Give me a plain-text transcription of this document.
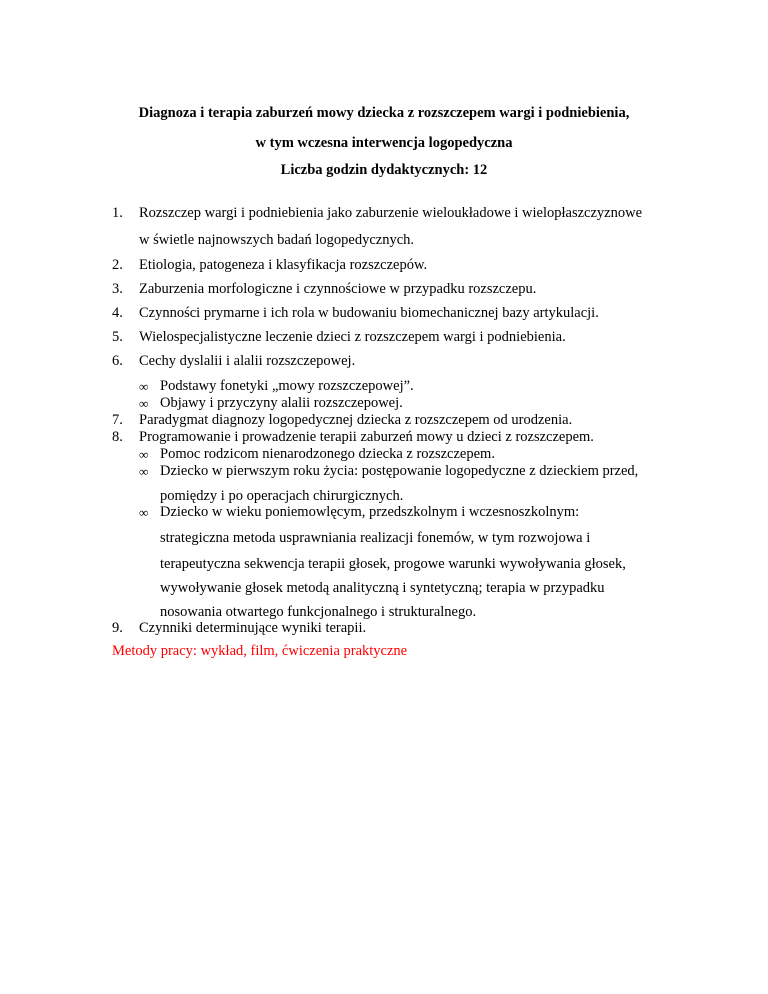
Diagnoza i terapia zaburzeń mowy dziecka z rozszczepem wargi i podniebienia,
w tym wczesna interwencja logopedyczna
Liczba godzin dydaktycznych: 12
1. Rozszczep wargi i podniebienia jako zaburzenie wieloukładowe i wielopłaszczyznowe
w świetle najnowszych badań logopedycznych.
2. Etiologia, patogeneza i klasyfikacja rozszczepów.
3. Zaburzenia morfologiczne i czynnościowe w przypadku rozszczepu.
4. Czynności prymarne i ich rola w budowaniu biomechanicznej bazy artykulacji.
5. Wielospecjalistyczne leczenie dzieci z rozszczepem wargi i podniebienia.
6. Cechy dyslalii i alalii rozszczepowej.
∞ Podstawy fonetyki „mowy rozszczepowej”.
∞ Objawy i przyczyny alalii rozszczepowej.
7. Paradygmat diagnozy logopedycznej dziecka z rozszczepem od urodzenia.
8. Programowanie i prowadzenie terapii zaburzeń mowy u dzieci z rozszczepem.
∞ Pomoc rodzicom nienarodzonego dziecka z rozszczepem.
∞ Dziecko w pierwszym roku życia: postępowanie logopedyczne z dzieckiem przed,
pomiędzy i po operacjach chirurgicznych.
∞ Dziecko w wieku poniemowlęcym, przedszkolnym i wczesnoszkolnym:
strategiczna metoda usprawniania realizacji fonemów, w tym rozwojowa i
terapeutyczna sekwencja terapii głosek, progowe warunki wywoływania głosek,
wywoływanie głosek metodą analityczną i syntetyczną; terapia w przypadku
nosowania otwartego funkcjonalnego i strukturalnego.
9. Czynniki determinujące wyniki terapii.
Metody pracy: wykład, film, ćwiczenia praktyczne
